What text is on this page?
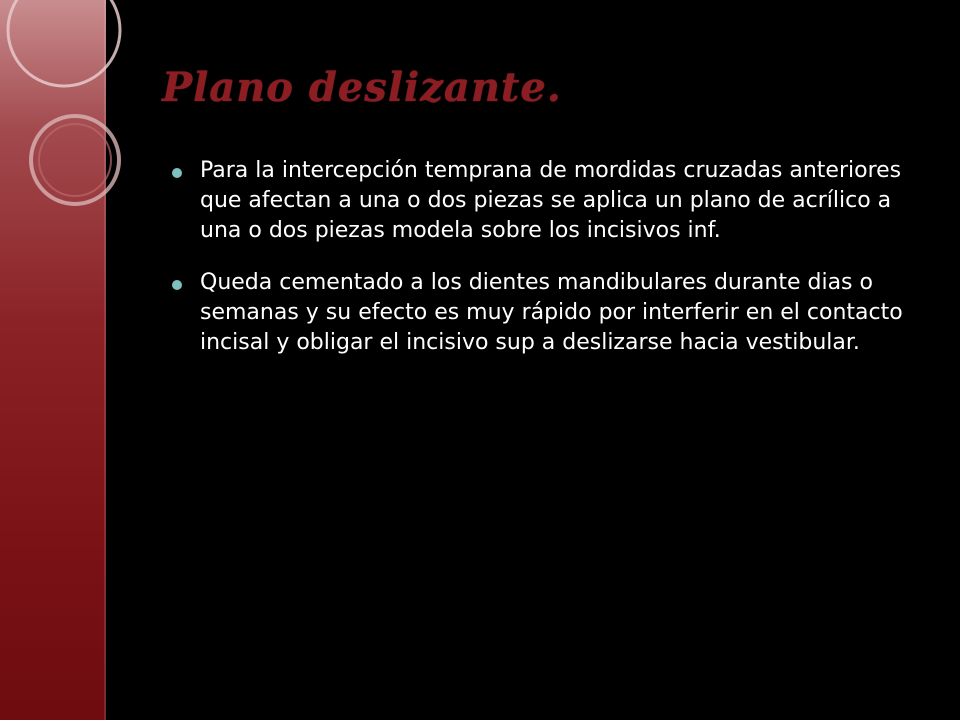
Plano deslizante.
Para la intercepción temprana de mordidas cruzadas anteriores que afectan a una o dos piezas se aplica un plano de acrílico a una o dos piezas modela sobre los incisivos inf.
Queda cementado a los dientes mandibulares durante dias o semanas y su efecto es muy rápido por interferir en el contacto incisal y obligar el incisivo sup a deslizarse hacia vestibular.
